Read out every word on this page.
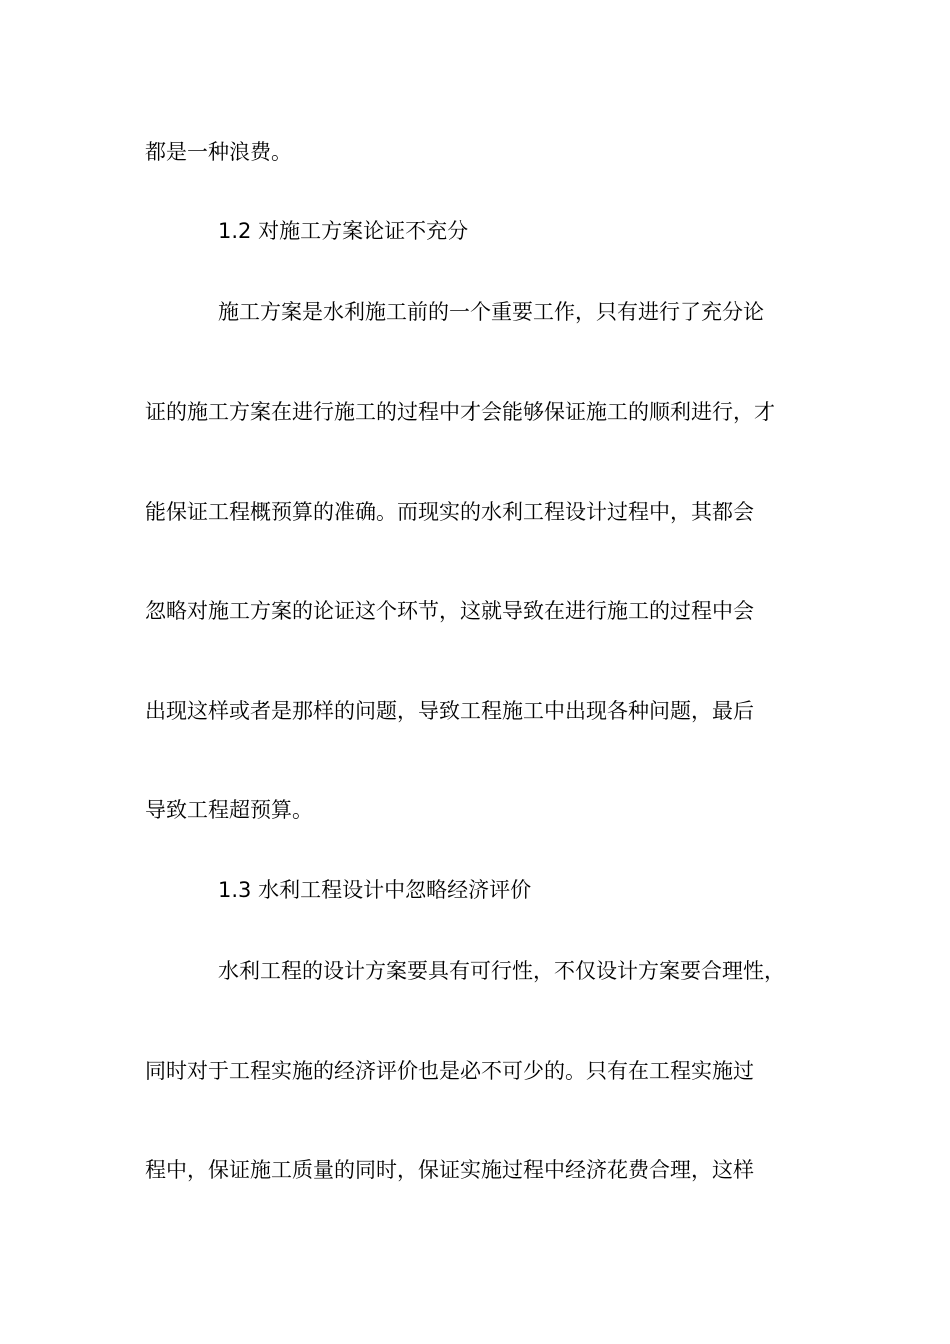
都是一种浪费。
1.2 对施工方案论证不充分
施工方案是水利施工前的一个重要工作，只有进行了充分论
证的施工方案在进行施工的过程中才会能够保证施工的顺利进行，才
能保证工程概预算的准确。而现实的水利工程设计过程中，其都会
忽略对施工方案的论证这个环节，这就导致在进行施工的过程中会
出现这样或者是那样的问题，导致工程施工中出现各种问题，最后
导致工程超预算。
1.3 水利工程设计中忽略经济评价
水利工程的设计方案要具有可行性，不仅设计方案要合理性，
同时对于工程实施的经济评价也是必不可少的。只有在工程实施过
程中，保证施工质量的同时，保证实施过程中经济花费合理，这样
